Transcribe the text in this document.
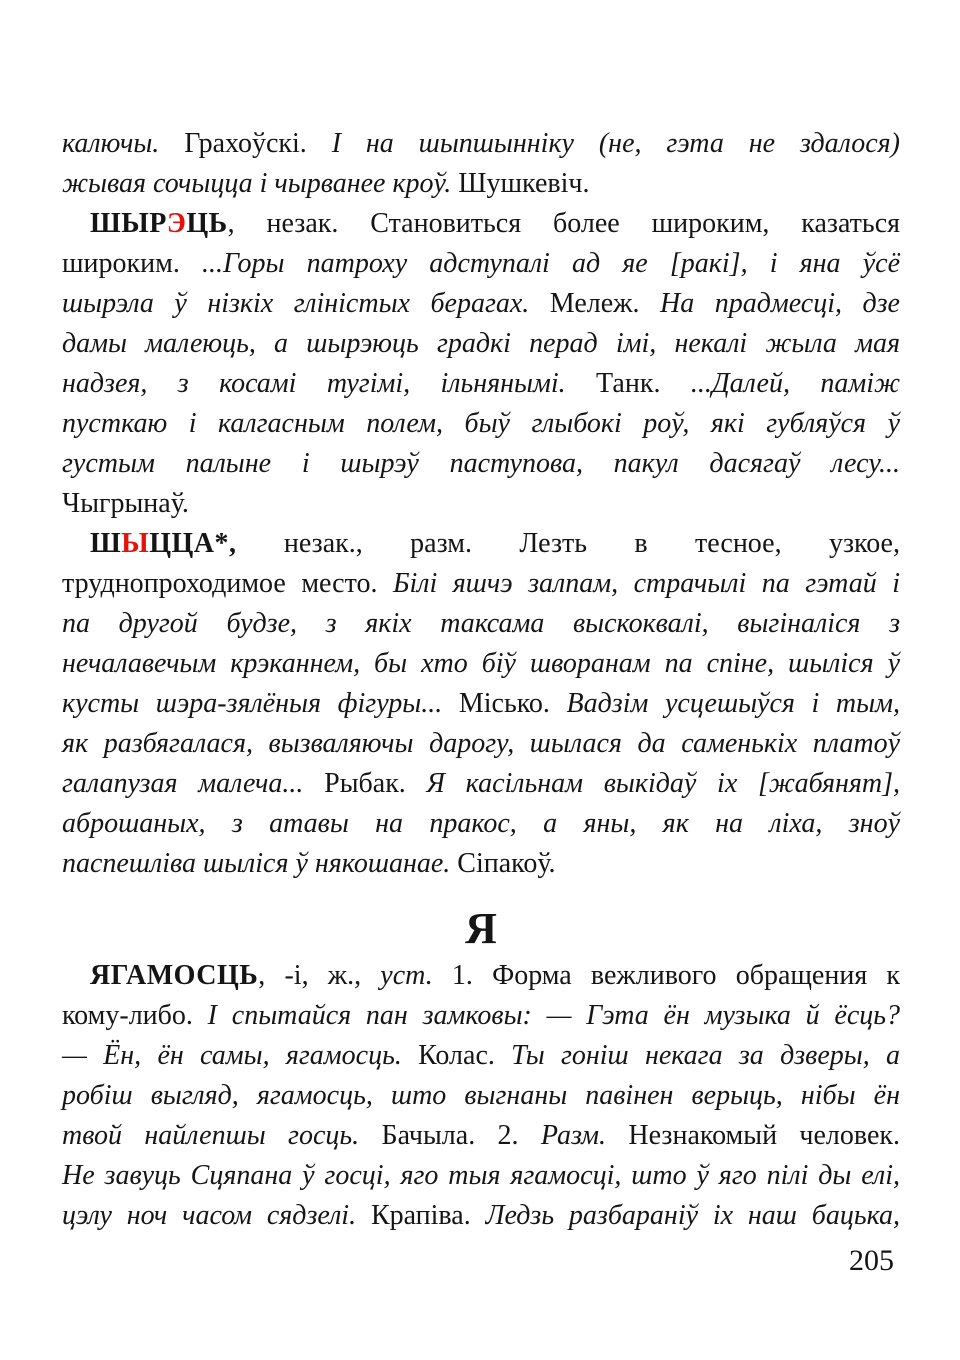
калючы. Грахоўскі. І на шыпшынніку (не, гэта не здалося)
жывая сочыцца і чырванее кроў. Шушкевіч.
ШЫРЭЦЬ, незак. Становиться более широким, казаться
широким. ...Горы патроху адступалі ад яе [ракі], і яна ўсё
шырэла ў нізкіх гліністых берагах. Мележ. На прадмесці, дзе
дамы малеюць, а шырэюць градкі перад імі, некалі жыла мая
надзея, з косамі тугімі, ільнянымі. Танк. ...Далей, паміж
пусткаю і калгасным полем, быў глыбокі роў, які губляўся ў
густым палыне і шырэў паступова, пакул дасягаў лесу...
Чыгрынаў.
ШЫЦЦА*, незак., разм. Лезть в тесное, узкое,
труднопроходимое место. Білі яшчэ залпам, страчылі па гэтай і
па другой будзе, з якіх таксама выскоквалі, выгіналіся з
нечалавечым крэканнем, бы хто біў шворанам па спіне, шыліся ў
кусты шэра-зялёныя фігуры... Місько. Вадзім усцешыўся і тым,
як разбягалася, вызваляючы дарогу, шылася да саменькіх платоў
галапузая малеча... Рыбак. Я касільнам выкідаў іх [жабянят],
аброшаных, з атавы на пракос, а яны, як на ліха, зноў
паспешліва шыліся ў някошанае. Сіпакоў.
Я
ЯГАМОСЦЬ, -і, ж., уст. 1. Форма вежливого обращения к
кому-либо. І спытайся пан замковы: — Гэта ён музыка й ёсць?
— Ён, ён самы, ягамосць. Колас. Ты гоніш некага за дзверы, а
робіш выгляд, ягамосць, што выгнаны павінен верыць, нібы ён
твой найлепшы госць. Бачыла. 2. Разм. Незнакомый человек.
Не завуць Сцяпана ў госці, яго тыя ягамосці, што ў яго пілі ды елі,
цэлу ноч часом сядзелі. Крапіва. Ледзь разбараніў іх наш бацька,
205
